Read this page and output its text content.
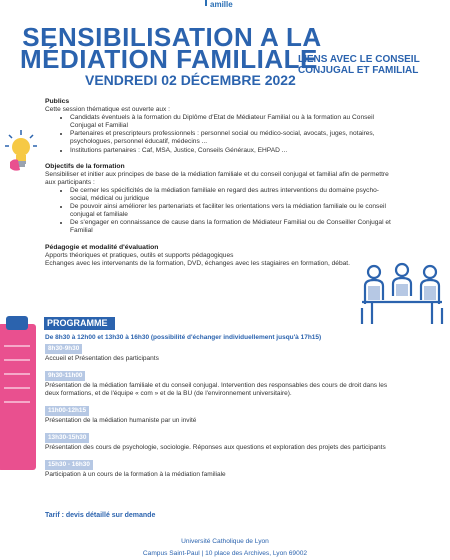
amille
SENSIBILISATION A LA
MÉDIATION FAMILIALE
LIENS AVEC LE CONSEIL
CONJUGAL ET FAMILIAL
VENDREDI 02 DÉCEMBRE 2022

Publics

Cette session thématique est ouverte aux :

• Candidats éventuels à la formation du Diplôme d'Etat de Médiateur Familial ou à la formation au Conseil Conjugal et Familial
• Partenaires et prescripteurs professionnels : personnel social ou médico-social, avocats, juges, notaires, psychologues, personnel éducatif, médecins ...
• Institutions partenaires : Caf, MSA, Justice, Conseils Généraux, EHPAD ...

Objectifs de la formation

Sensibiliser et initier aux principes de base de la médiation familiale et du conseil conjugal et familial afin de permettre aux participants :

• De cerner les spécificités de la médiation familiale en regard des autres interventions du domaine psycho-social, médical ou juridique
• De pouvoir ainsi améliorer les partenariats et faciliter les orientations vers la médiation familiale ou le conseil conjugal et familiale
• De s'engager en connaissance de cause dans la formation de Médiateur Familial ou de Conseiller Conjugal et Familial

Pédagogie et modalité d'évaluation

Apports théoriques et pratiques, outils et supports pédagogiques

Echanges avec les intervenants de la formation, DVD, échanges avec les stagiaires en formation, débat.

PROGRAMME
De 8h30 à 12h00 et 13h30 à 16h30 (possibilité d'échanger individuellement jusqu'à 17h15)
8h30-9h30
Accueil et Présentation des participants
9h30-11h00
Présentation de la médiation familiale et du conseil conjugal. Intervention des responsables des cours de droit dans les deux formations, et de l'équipe « com » et de la BU (de l'environnement universitaire).
11h00-12h15
Présentation de la médiation humaniste par un invité
13h30-15h30
Présentation des cours de psychologie, sociologie. Réponses aux questions et exploration des projets des participants
15h30 - 16h30
Participation à un cours de la formation à la médiation familiale
Tarif : devis détaillé sur demande
Université Catholique de Lyon
Campus Saint-Paul | 10 place des Archives, Lyon 69002
